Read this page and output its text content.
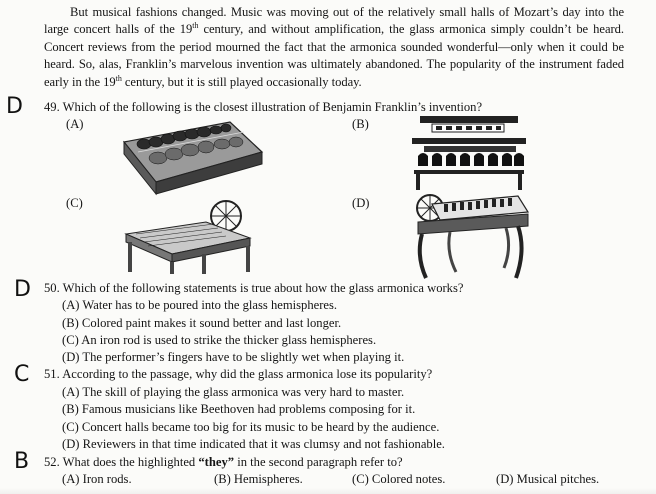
But musical fashions changed. Music was moving out of the relatively small halls of Mozart’s day into the large concert halls of the 19th century, and without amplification, the glass armonica simply couldn’t be heard. Concert reviews from the period mourned the fact that the armonica sounded wonderful—only when it could be heard. So, alas, Franklin’s marvelous invention was ultimately abandoned. The popularity of the instrument faded early in the 19th century, but it is still played occasionally today.
D 49. Which of the following is the closest illustration of Benjamin Franklin’s invention?
(A)	(B)
(C)	(D)
D 50. Which of the following statements is true about how the glass armonica works?
(A) Water has to be poured into the glass hemispheres.
(B) Colored paint makes it sound better and last longer.
(C) An iron rod is used to strike the thicker glass hemispheres.
(D) The performer’s fingers have to be slightly wet when playing it.
C 51. According to the passage, why did the glass armonica lose its popularity?
(A) The skill of playing the glass armonica was very hard to master.
(B) Famous musicians like Beethoven had problems composing for it.
(C) Concert halls became too big for its music to be heard by the audience.
(D) Reviewers in that time indicated that it was clumsy and not fashionable.
B 52. What does the highlighted “they” in the second paragraph refer to?
(A) Iron rods.	(B) Hemispheres.	(C) Colored notes.	(D) Musical pitches.
